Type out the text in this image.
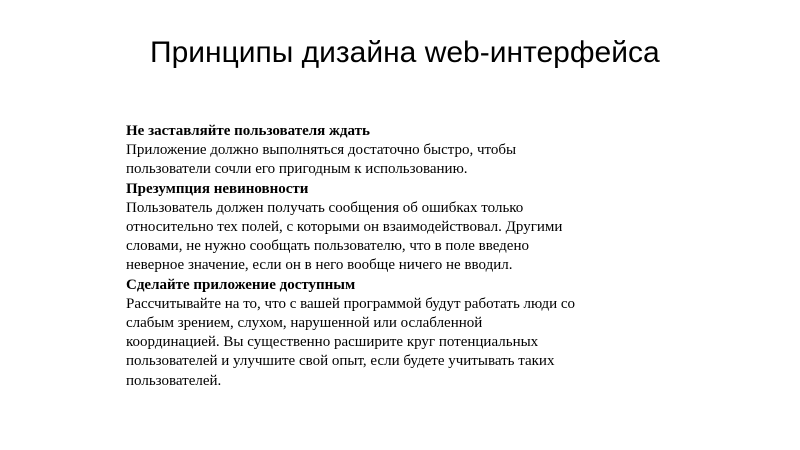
Принципы дизайна web-интерфейса
Не заставляйте пользователя ждать
Приложение должно выполняться достаточно быстро, чтобы
пользователи сочли его пригодным к использованию.
Презумпция невиновности
Пользователь должен получать сообщения об ошибках только
относительно тех полей, с которыми он взаимодействовал. Другими
словами, не нужно сообщать пользователю, что в поле введено
неверное значение, если он в него вообще ничего не вводил.
Сделайте приложение доступным
Рассчитывайте на то, что с вашей программой будут работать люди со
слабым зрением, слухом, нарушенной или ослабленной
координацией. Вы существенно расширите круг потенциальных
пользователей и улучшите свой опыт, если будете учитывать таких
пользователей.
